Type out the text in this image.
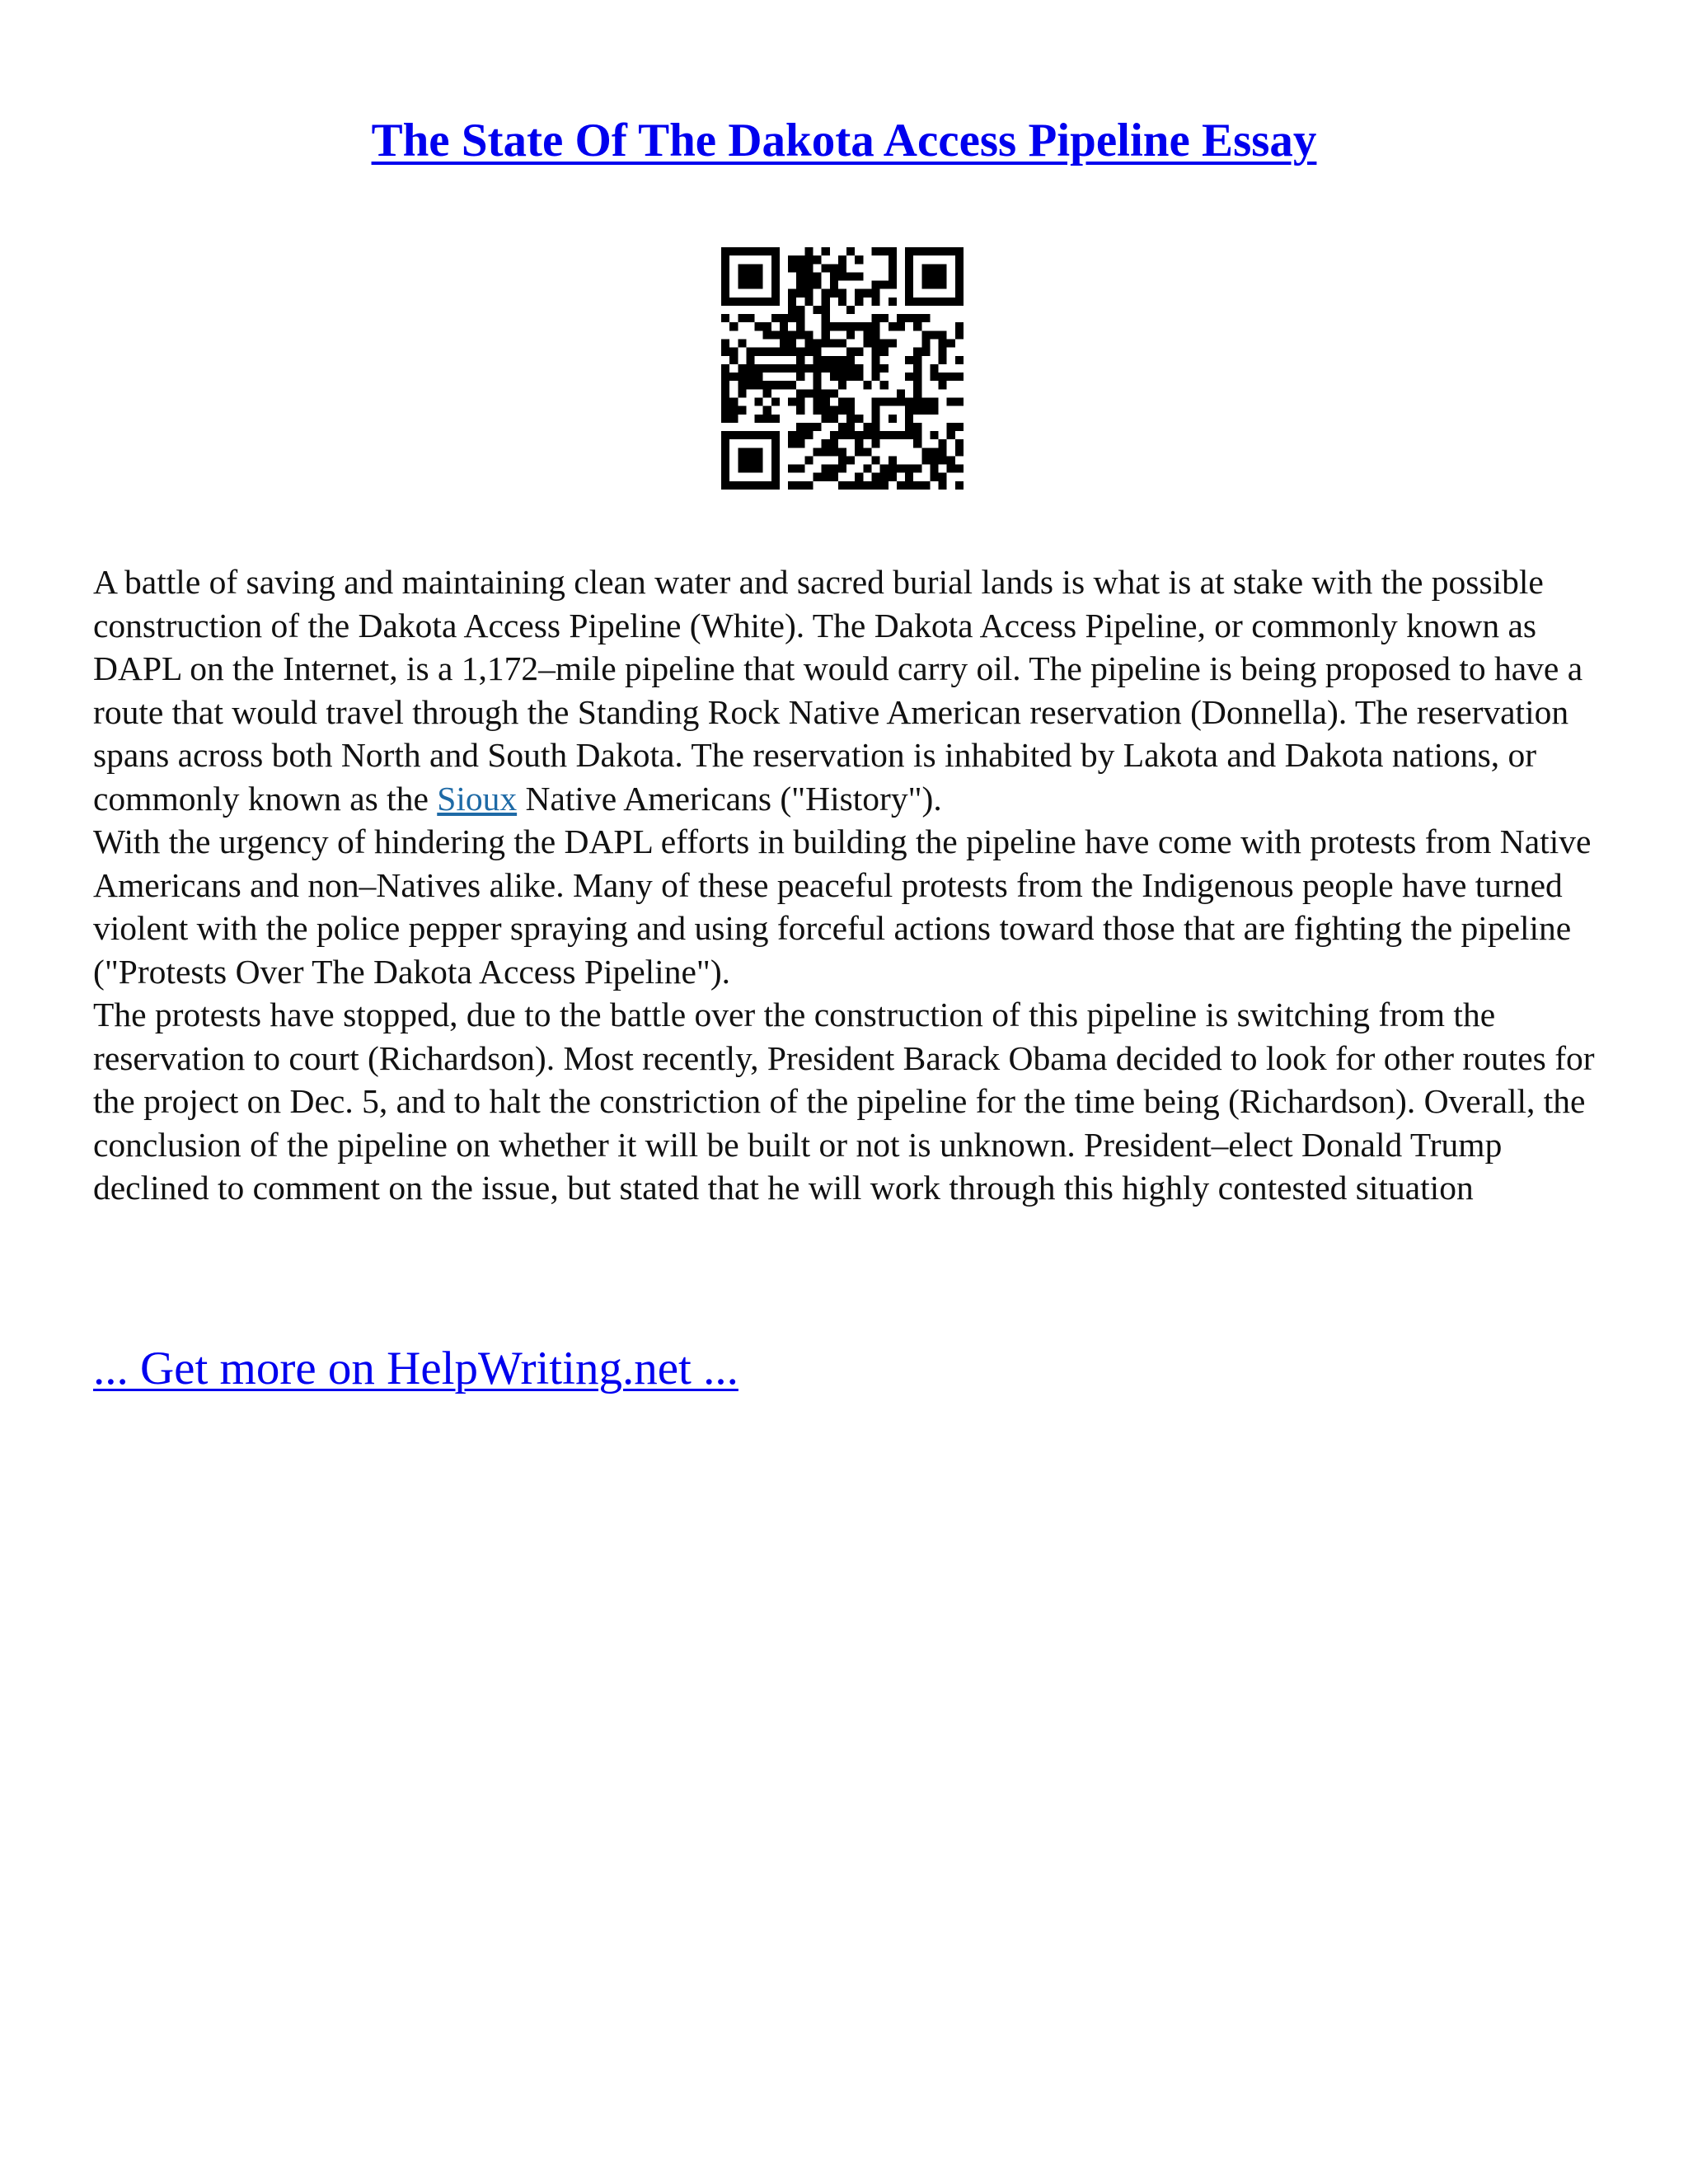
The State Of The Dakota Access Pipeline Essay

A battle of saving and maintaining clean water and sacred burial lands is what is at stake with the possible construction of the Dakota Access Pipeline (White). The Dakota Access Pipeline, or commonly known as DAPL on the Internet, is a 1,172–mile pipeline that would carry oil. The pipeline is being proposed to have a route that would travel through the Standing Rock Native American reservation (Donnella). The reservation spans across both North and South Dakota. The reservation is inhabited by Lakota and Dakota nations, or commonly known as the Sioux Native Americans ("History").

With the urgency of hindering the DAPL efforts in building the pipeline have come with protests from Native Americans and non–Natives alike. Many of these peaceful protests from the Indigenous people have turned violent with the police pepper spraying and using forceful actions toward those that are fighting the pipeline ("Protests Over The Dakota Access Pipeline").

The protests have stopped, due to the battle over the construction of this pipeline is switching from the reservation to court (Richardson). Most recently, President Barack Obama decided to look for other routes for the project on Dec. 5, and to halt the constriction of the pipeline for the time being (Richardson). Overall, the conclusion of the pipeline on whether it will be built or not is unknown. President–elect Donald Trump declined to comment on the issue, but stated that he will work through this highly contested situation

... Get more on HelpWriting.net ...
